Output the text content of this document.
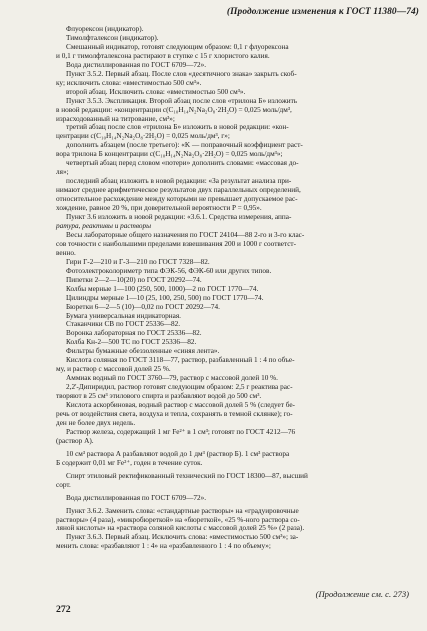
(Продолжение изменения к ГОСТ 11380—74)

Флуорексон (индикатор).

Тимолфталексон (индикатор).

Смешанный индикатор, готовят следующим образом: 0,1 г флуорексона

и 0,1 г тимолфталексона растирают в ступке с 15 г хлористого калия.

Вода дистиллированная по ГОСТ 6709—72».

Пункт 3.5.2. Первый абзац. После слов «десятичного знака» закрыть скоб-

ку; исключить слова: «вместимостью 500 см³».

второй абзац. Исключить слова: «вместимостью 500 см³».

Пункт 3.5.3. Экспликация. Второй абзац после слов «трилона Б» изложить

в новой редакции: «концентрации c(C₁₀H₁₄N₂Na₂O₈·2H₂O) = 0,025 моль/дм³,

израсходованный на титрование, см³»;

третий абзац после слов «трилона Б» изложить в новой редакции: «кон-

центрации c(C₁₀H₁₄N₂Na₂O₈·2H₂O) = 0,025 моль/дм³, г»;

дополнить абзацем (после третьего): «K — поправочный коэффициент раст-

вора трилона Б концентрации c(C₁₀H₁₄N₂Na₂O₈·2H₂O) = 0,025 моль/дм³»;

четвертый абзац перед словом «потери» дополнить словами: «массовая до-

ля»;

последний абзац изложить в новой редакции: «За результат анализа при-

нимают среднее арифметическое результатов двух параллельных определений,

относительное расхождение между которыми не превышает допускаемое рас-

хождение, равное 20 %, при доверительной вероятности P = 0,95».

Пункт 3.6 изложить в новой редакции: «3.6.1. Средства измерения, аппа-

ратура, реактивы и растворы

Весы лабораторные общего назначения по ГОСТ 24104—88 2-го и 3-го клас-

сов точности с наибольшими пределами взвешивания 200 и 1000 г соответст-

венно.

Гири Г-2—210 и Г-3—210 по ГОСТ 7328—82.

Фотоэлектроколориметр типа ФЭК-56, ФЭК-60 или других типов.

Пипетки 2—2—10(20) по ГОСТ 20292—74.

Колбы мерные 1—100 (250, 500, 1000)—2 по ГОСТ 1770—74.

Цилиндры мерные 1—10 (25, 100, 250, 500) по ГОСТ 1770—74.

Бюретки 6—2—5 (10)—0,02 по ГОСТ 20292—74.

Бумага универсальная индикаторная.

Стаканчики СВ по ГОСТ 25336—82.

Воронка лабораторная по ГОСТ 25336—82.

Колба Кн-2—500 ТС по ГОСТ 25336—82.

Фильтры бумажные обеззоленные «синяя лента».

Кислота соляная по ГОСТ 3118—77, раствор, разбавленный 1 : 4 по объе-

му, и раствор с массовой долей 25 %.

Аммиак водный по ГОСТ 3760—79, раствор с массовой долей 10 %.

2,2'-Дипиридил, раствор готовят следующим образом: 2,5 г реактива рас-

творяют в 25 см³ этилового спирта и разбавляют водой до 500 см³.

Кислота аскорбиновая, водный раствор с массовой долей 5 % (следует бе-

речь от воздействия света, воздуха и тепла, сохранять в темной склянке); го-

ден не более двух недель.

Раствор железа, содержащий 1 мг Fe²⁺ в 1 см³; готовят по ГОСТ 4212—76

(раствор А).

10 см³ раствора А разбавляют водой до 1 дм³ (раствор Б). 1 см³ раствора

Б содержит 0,01 мг Fe²⁺, годен в течение суток.

Спирт этиловый ректификованный технический по ГОСТ 18300—87, высший

сорт.

Вода дистиллированная по ГОСТ 6709—72».

Пункт 3.6.2. Заменить слова: «стандартные растворы» на «градуировочные

растворы» (4 раза), «микробюреткой» на «бюреткой», «25 %-ного раствора со-

ляной кислоты» на «раствора соляной кислоты с массовой долей 25 %» (2 раза).

Пункт 3.6.3. Первый абзац. Исключить слова: «вместимостью 500 см³»; за-

менить слова: «разбавляют 1 : 4» на «разбавленного 1 : 4 по объему»;

(Продолжение см. с. 273)
272
